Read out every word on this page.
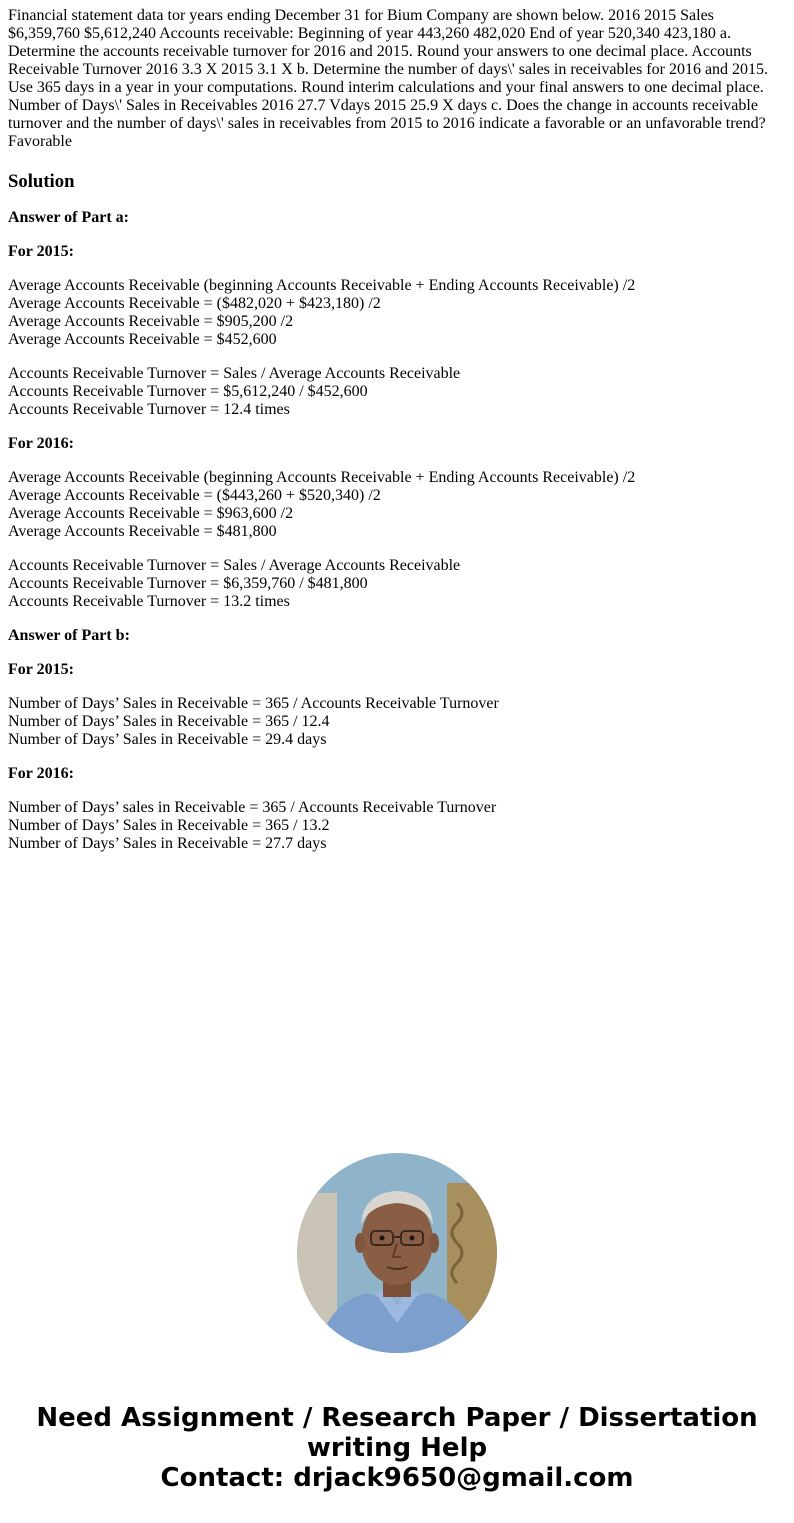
Financial statement data tor years ending December 31 for Bium Company are shown below. 2016 2015 Sales $6,359,760 $5,612,240 Accounts receivable: Beginning of year 443,260 482,020 End of year 520,340 423,180 a. Determine the accounts receivable turnover for 2016 and 2015. Round your answers to one decimal place. Accounts Receivable Turnover 2016 3.3 X 2015 3.1 X b. Determine the number of days\' sales in receivables for 2016 and 2015. Use 365 days in a year in your computations. Round interim calculations and your final answers to one decimal place. Number of Days\' Sales in Receivables 2016 27.7 Vdays 2015 25.9 X days c. Does the change in accounts receivable turnover and the number of days\' sales in receivables from 2015 to 2016 indicate a favorable or an unfavorable trend? Favorable

Solution
Answer of Part a:
For 2015:
Average Accounts Receivable (beginning Accounts Receivable + Ending Accounts Receivable) /2
Average Accounts Receivable = ($482,020 + $423,180) /2
Average Accounts Receivable = $905,200 /2
Average Accounts Receivable = $452,600
Accounts Receivable Turnover = Sales / Average Accounts Receivable
Accounts Receivable Turnover = $5,612,240 / $452,600
Accounts Receivable Turnover = 12.4 times
For 2016:
Average Accounts Receivable (beginning Accounts Receivable + Ending Accounts Receivable) /2
Average Accounts Receivable = ($443,260 + $520,340) /2
Average Accounts Receivable = $963,600 /2
Average Accounts Receivable = $481,800
Accounts Receivable Turnover = Sales / Average Accounts Receivable
Accounts Receivable Turnover = $6,359,760 / $481,800
Accounts Receivable Turnover = 13.2 times
Answer of Part b:
For 2015:
Number of Days’ Sales in Receivable = 365 / Accounts Receivable Turnover
Number of Days’ Sales in Receivable = 365 / 12.4
Number of Days’ Sales in Receivable = 29.4 days
For 2016:
Number of Days’ sales in Receivable = 365 / Accounts Receivable Turnover
Number of Days’ Sales in Receivable = 365 / 13.2
Number of Days’ Sales in Receivable = 27.7 days
Need Assignment / Research Paper / Dissertation writing Help
Contact: drjack9650@gmail.com
